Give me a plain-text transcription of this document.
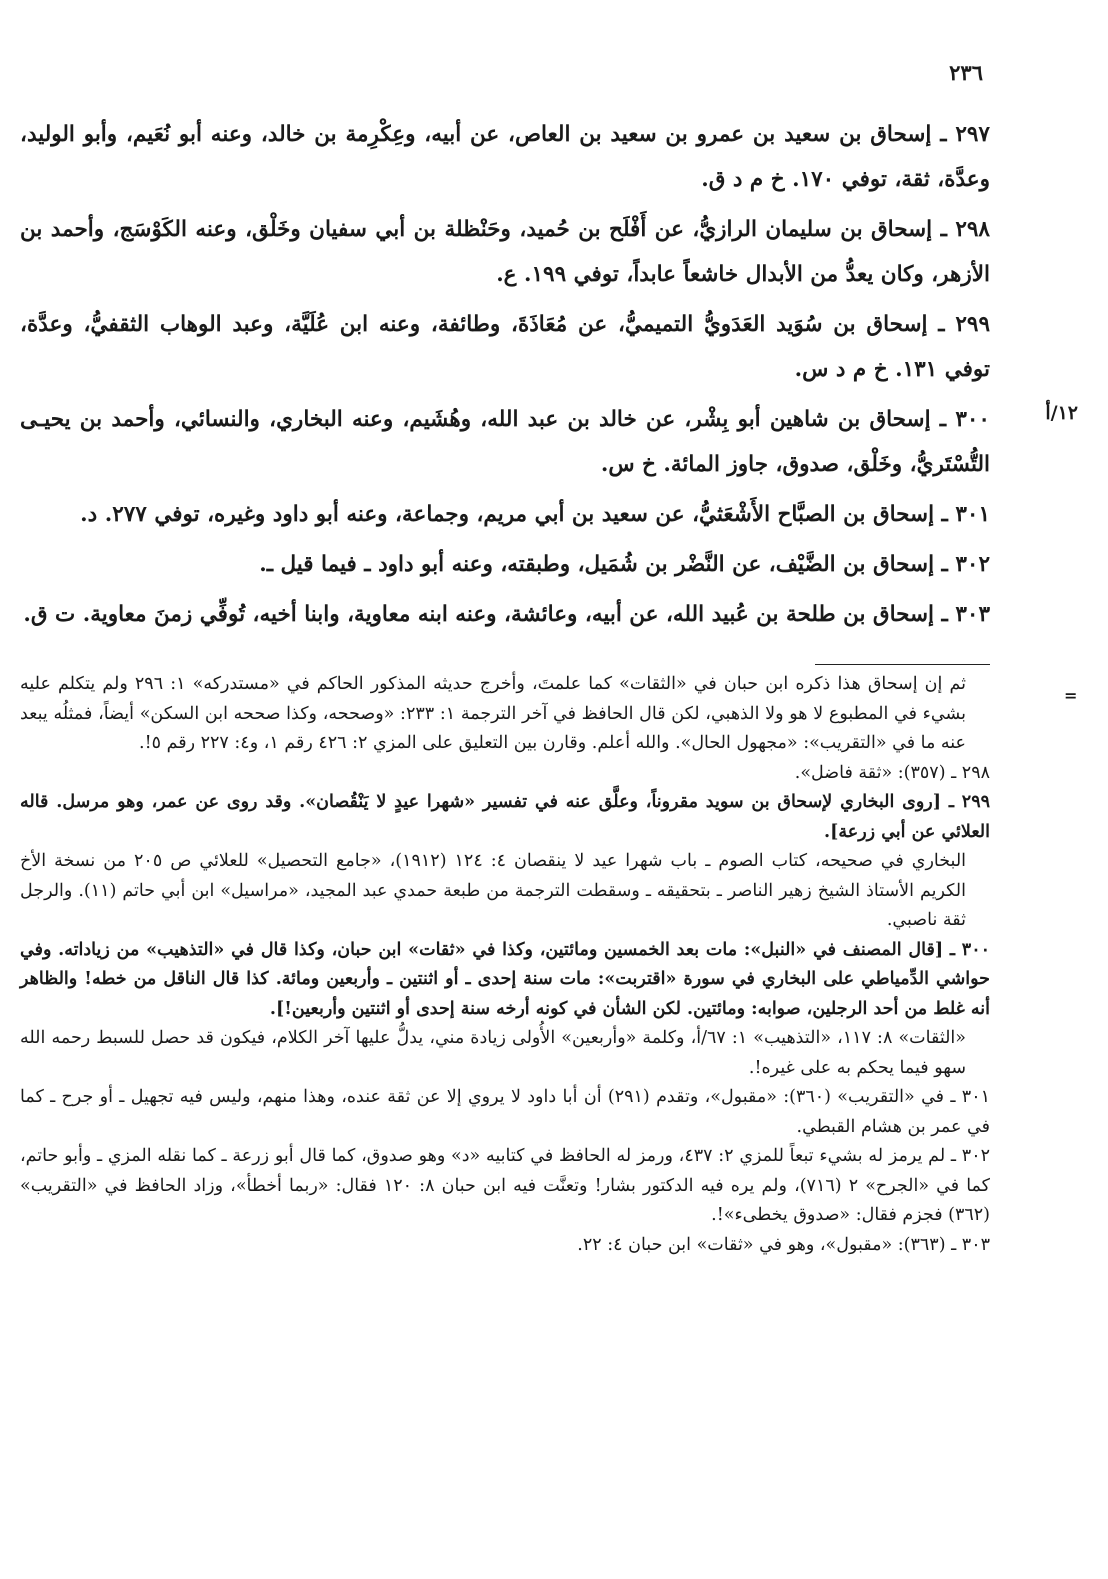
٢٣٦
١٢/أ

٢٩٧ ـ إسحاق بن سعيد بن عمرو بن سعيد بن العاص، عن أبيه، وعِكْرِمة بن خالد، وعنه أبو نُعَيم، وأبو الوليد، وعدَّة، ثقة، توفي ١٧٠. خ م د ق.

٢٩٨ ـ إسحاق بن سليمان الرازيُّ، عن أَفْلَح بن حُميد، وحَنْظلة بن أبي سفيان وخَلْق، وعنه الكَوْسَج، وأحمد بن الأزهر، وكان يعدُّ من الأبدال خاشعاً عابداً، توفي ١٩٩. ع.

٢٩٩ ـ إسحاق بن سُوَيد العَدَويُّ التميميُّ، عن مُعَاذَةَ، وطائفة، وعنه ابن عُلَيَّة، وعبد الوهاب الثقفيُّ، وعدَّة، توفي ١٣١. خ م د س.

٣٠٠ ـ إسحاق بن شاهين أبو بِشْر، عن خالد بن عبد الله، وهُشَيم، وعنه البخاري، والنسائي، وأحمد بن يحيـى التُّسْتَريُّ، وخَلْق، صدوق، جاوز المائة. خ س.

٣٠١ ـ إسحاق بن الصبَّاح الأَشْعَثيُّ، عن سعيد بن أبي مريم، وجماعة، وعنه أبو داود وغيره، توفي ٢٧٧. د.

٣٠٢ ـ إسحاق بن الضَّيْف، عن النَّضْر بن شُمَيل، وطبقته، وعنه أبو داود ـ فيما قيل ـ.

٣٠٣ ـ إسحاق بن طلحة بن عُبيد الله، عن أبيه، وعائشة، وعنه ابنه معاوية، وابنا أخيه، تُوفِّي زمنَ معاوية. ت ق.

=

ثم إن إسحاق هذا ذكره ابن حبان في «الثقات» كما علمتَ، وأخرج حديثه المذكور الحاكم في «مستدركه» ١: ٢٩٦ ولم يتكلم عليه بشيء في المطبوع لا هو ولا الذهبي، لكن قال الحافظ في آخر الترجمة ١: ٢٣٣: «وصححه، وكذا صححه ابن السكن» أيضاً، فمثلُه يبعد عنه ما في «التقريب»: «مجهول الحال». والله أعلم. وقارن بين التعليق على المزي ٢: ٤٢٦ رقم ١، و٤: ٢٢٧ رقم ٥!.

٢٩٨ ـ (٣٥٧): «ثقة فاضل».

٢٩٩ ـ [روى البخاري لإسحاق بن سويد مقروناً، وعلَّق عنه في تفسير «شهرا عيدٍ لا يَنْقُصان». وقد روى عن عمر، وهو مرسل. قاله العلائي عن أبي زرعة].

البخاري في صحيحه، كتاب الصوم ـ باب شهرا عيد لا ينقصان ٤: ١٢٤ (١٩١٢)، «جامع التحصيل» للعلائي ص ٢٠٥ من نسخة الأخ الكريم الأستاذ الشيخ زهير الناصر ـ بتحقيقه ـ وسقطت الترجمة من طبعة حمدي عبد المجيد، «مراسيل» ابن أبي حاتم (١١). والرجل ثقة ناصبي.

٣٠٠ ـ [قال المصنف في «النبل»: مات بعد الخمسين ومائتين، وكذا في «ثقات» ابن حبان، وكذا قال في «التذهيب» من زياداته. وفي حواشي الدِّمياطي على البخاري في سورة «اقتربت»: مات سنة إحدى ـ أو اثنتين ـ وأربعين ومائة. كذا قال الناقل من خطه! والظاهر أنه غلط من أحد الرجلين، صوابه: ومائتين. لكن الشأن في كونه أرخه سنة إحدى أو اثنتين وأربعين!].

«الثقات» ٨: ١١٧، «التذهيب» ١: ٦٧/أ، وكلمة «وأربعين» الأُولى زيادة مني، يدلُّ عليها آخر الكلام، فيكون قد حصل للسبط رحمه الله سهو فيما يحكم به على غيره!.

٣٠١ ـ في «التقريب» (٣٦٠): «مقبول»، وتقدم (٢٩١) أن أبا داود لا يروي إلا عن ثقة عنده، وهذا منهم، وليس فيه تجهيل ـ أو جرح ـ كما في عمر بن هشام القبطي.

٣٠٢ ـ لم يرمز له بشيء تبعاً للمزي ٢: ٤٣٧، ورمز له الحافظ في كتابيه «د» وهو صدوق، كما قال أبو زرعة ـ كما نقله المزي ـ وأبو حاتم، كما في «الجرح» ٢ (٧١٦)، ولم يره فيه الدكتور بشار! وتعنَّت فيه ابن حبان ٨: ١٢٠ فقال: «ربما أخطأ»، وزاد الحافظ في «التقريب» (٣٦٢) فجزم فقال: «صدوق يخطىء»!.

٣٠٣ ـ (٣٦٣): «مقبول»، وهو في «ثقات» ابن حبان ٤: ٢٢.
